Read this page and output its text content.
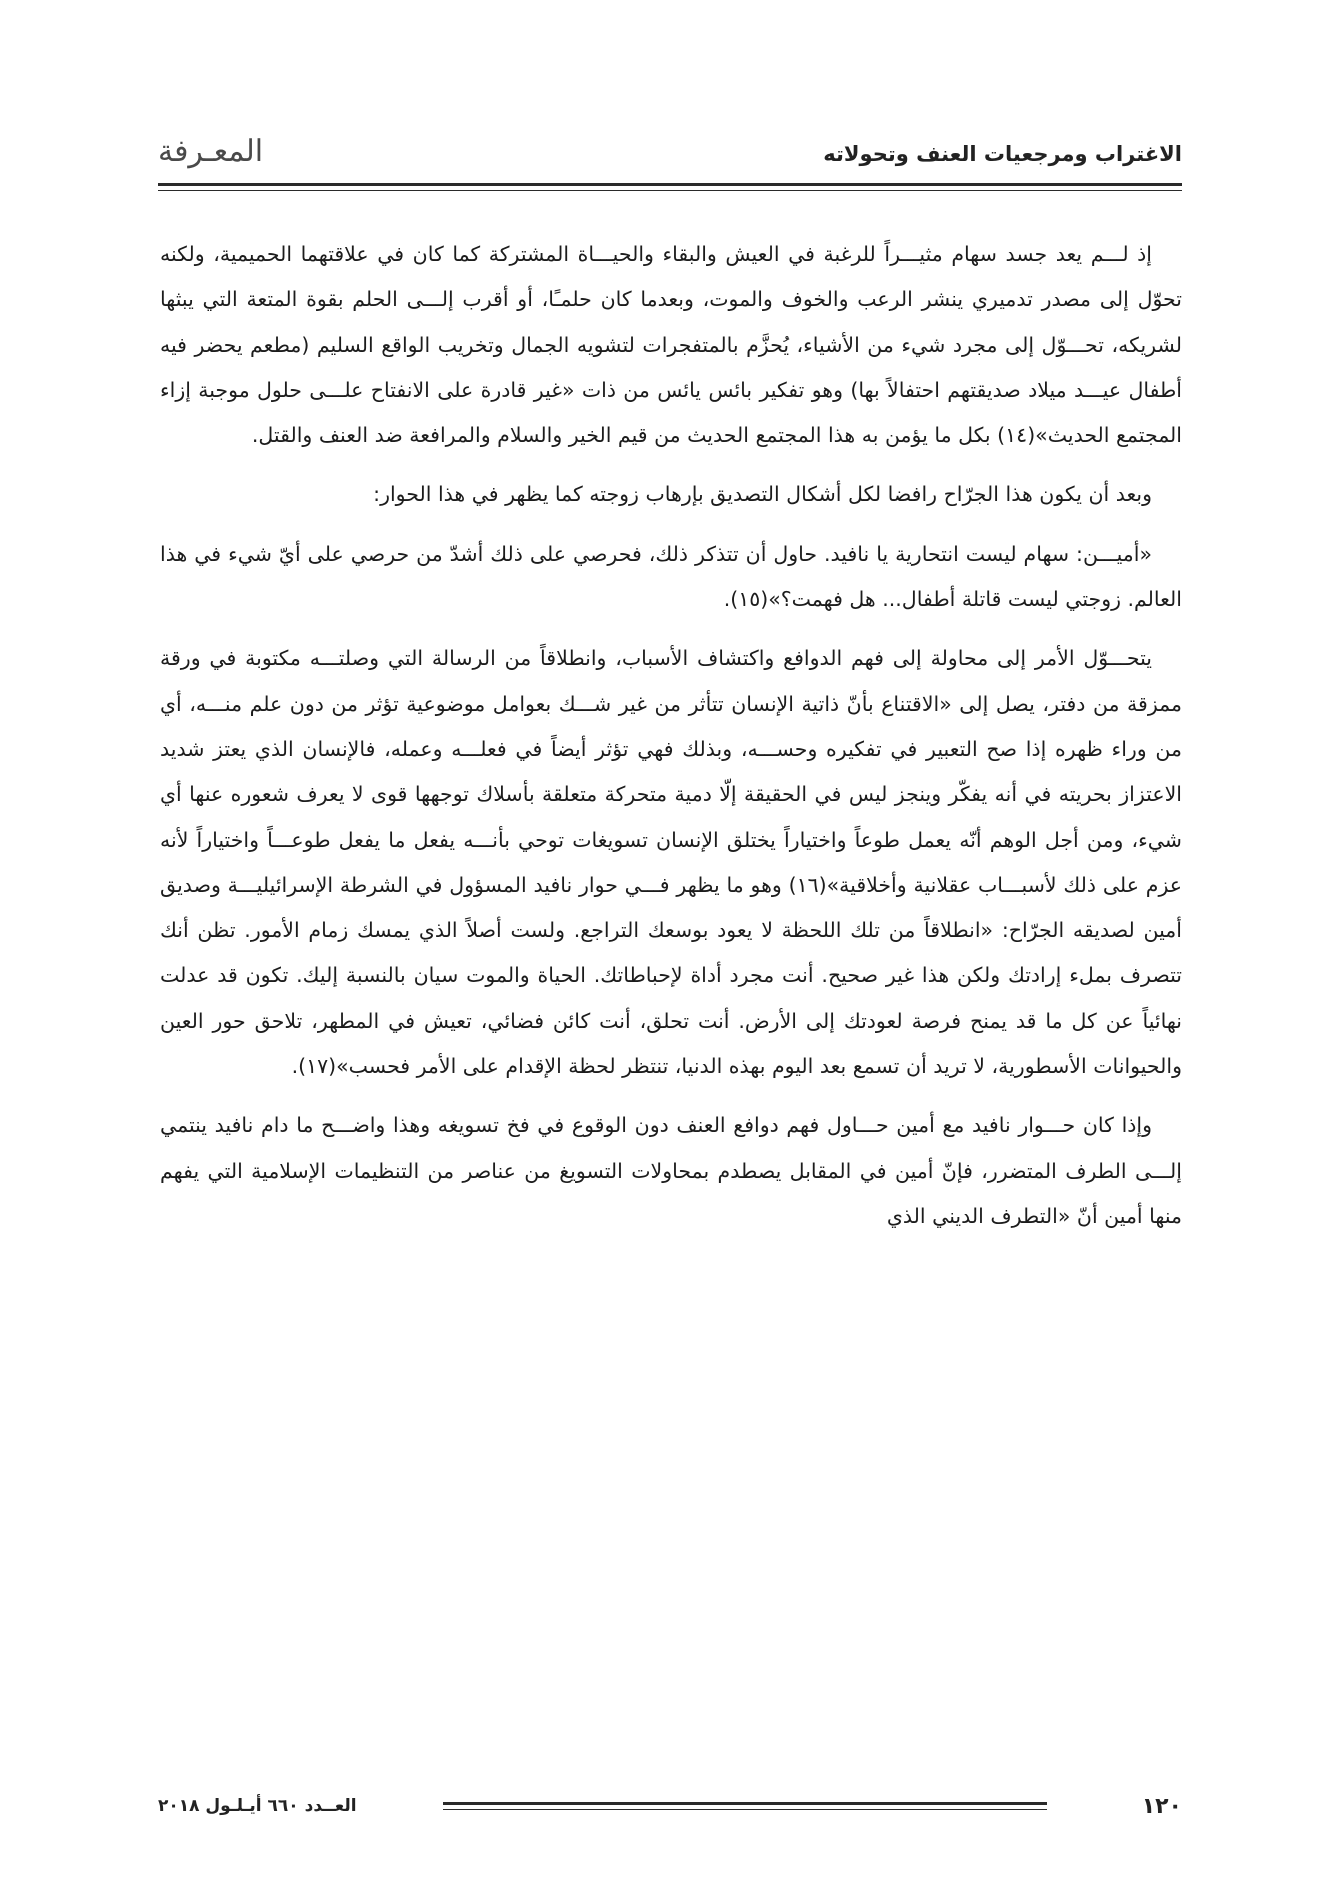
الاغتراب ومرجعيات العنف وتحولاته
المعـرفة

إذ لـــم يعد جسد سهام مثيـــراً للرغبة في العيش والبقاء والحيـــاة المشتركة كما كان في علاقتهما الحميمية، ولكنه تحوّل إلى مصدر تدميري ينشر الرعب والخوف والموت، وبعدما كان حلمـًا، أو أقرب إلـــى الحلم بقوة المتعة التي يبثها لشريكه، تحـــوّل إلى مجرد شيء من الأشياء، يُحزَّم بالمتفجرات لتشويه الجمال وتخريب الواقع السليم (مطعم يحضر فيه أطفال عيـــد ميلاد صديقتهم احتفالاً بها) وهو تفكير بائس يائس من ذات «غير قادرة على الانفتاح علـــى حلول موجبة إزاء المجتمع الحديث»(١٤) بكل ما يؤمن به هذا المجتمع الحديث من قيم الخير والسلام والمرافعة ضد العنف والقتل.

وبعد أن يكون هذا الجرّاح رافضا لكل أشكال التصديق بإرهاب زوجته كما يظهر في هذا الحوار:

«أميـــن: سهام ليست انتحارية يا نافيد. حاول أن تتذكر ذلك، فحرصي على ذلك أشدّ من حرصي على أيّ شيء في هذا العالم. زوجتي ليست قاتلة أطفال... هل فهمت؟»(١٥).

يتحـــوّل الأمر إلى محاولة إلى فهم الدوافع واكتشاف الأسباب، وانطلاقاً من الرسالة التي وصلتـــه مكتوبة في ورقة ممزقة من دفتر، يصل إلى «الاقتناع بأنّ ذاتية الإنسان تتأثر من غير شـــك بعوامل موضوعية تؤثر من دون علم منـــه، أي من وراء ظهره إذا صح التعبير في تفكيره وحســـه، وبذلك فهي تؤثر أيضاً في فعلـــه وعمله، فالإنسان الذي يعتز شديد الاعتزاز بحريته في أنه يفكّر وينجز ليس في الحقيقة إلّا دمية متحركة متعلقة بأسلاك توجهها قوى لا يعرف شعوره عنها أي شيء، ومن أجل الوهم أنّه يعمل طوعاً واختياراً يختلق الإنسان تسويغات توحي بأنـــه يفعل ما يفعل طوعـــاً واختياراً لأنه عزم على ذلك لأسبـــاب عقلانية وأخلاقية»(١٦) وهو ما يظهر فـــي حوار نافيد المسؤول في الشرطة الإسرائيليـــة وصديق أمين لصديقه الجرّاح: «انطلاقاً من تلك اللحظة لا يعود بوسعك التراجع. ولست أصلاً الذي يمسك زمام الأمور. تظن أنك تتصرف بملء إرادتك ولكن هذا غير صحيح. أنت مجرد أداة لإحباطاتك. الحياة والموت سيان بالنسبة إليك. تكون قد عدلت نهائياً عن كل ما قد يمنح فرصة لعودتك إلى الأرض. أنت تحلق، أنت كائن فضائي، تعيش في المطهر، تلاحق حور العين والحيوانات الأسطورية، لا تريد أن تسمع بعد اليوم بهذه الدنيا، تنتظر لحظة الإقدام على الأمر فحسب»(١٧).

وإذا كان حـــوار نافيد مع أمين حـــاول فهم دوافع العنف دون الوقوع في فخ تسويغه وهذا واضـــح ما دام نافيد ينتمي إلـــى الطرف المتضرر، فإنّ أمين في المقابل يصطدم بمحاولات التسويغ من عناصر من التنظيمات الإسلامية التي يفهم منها أمين أنّ «التطرف الديني الذي

١٢٠
العــدد ٦٦٠ أيـلـول ٢٠١٨
